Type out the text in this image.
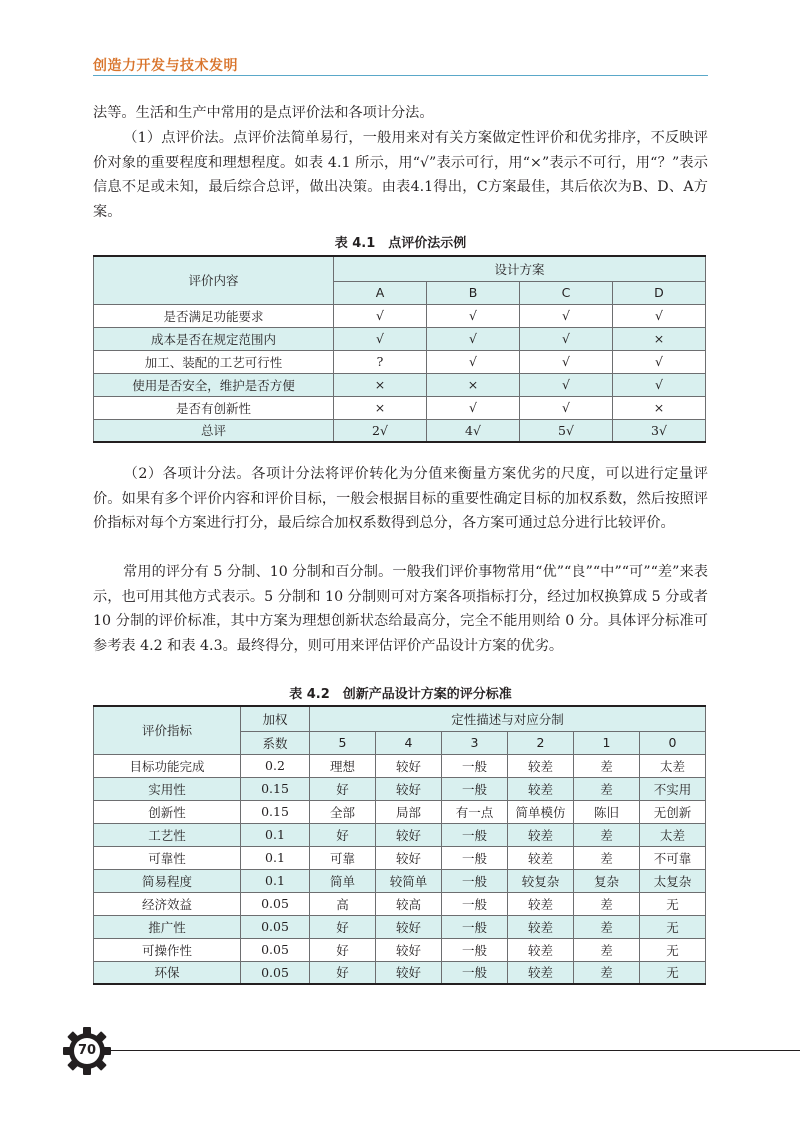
创造力开发与技术发明

法等。生活和生产中常用的是点评价法和各项计分法。

（1）点评价法。点评价法简单易行，一般用来对有关方案做定性评价和优劣排序，不反映评价对象的重要程度和理想程度。如表 4.1 所示，用“√”表示可行，用“×”表示不可行，用“？”表示信息不足或未知，最后综合总评，做出决策。由表4.1得出，C方案最佳，其后依次为B、D、A方案。

表 4.1　点评价法示例
评价内容	设计方案			
	A	B	C	D
是否满足功能要求	√	√	√	√
成本是否在规定范围内	√	√	√	×
加工、装配的工艺可行性	?	√	√	√
使用是否安全，维护是否方便	×	×	√	√
是否有创新性	×	√	√	×
总评	2√	4√	5√	3√

（2）各项计分法。各项计分法将评价转化为分值来衡量方案优劣的尺度，可以进行定量评价。如果有多个评价内容和评价目标，一般会根据目标的重要性确定目标的加权系数，然后按照评价指标对每个方案进行打分，最后综合加权系数得到总分，各方案可通过总分进行比较评价。

常用的评分有 5 分制、10 分制和百分制。一般我们评价事物常用“优”“良”“中”“可”“差”来表示，也可用其他方式表示。5 分制和 10 分制则可对方案各项指标打分，经过加权换算成 5 分或者 10 分制的评价标准，其中方案为理想创新状态给最高分，完全不能用则给 0 分。具体评分标准可参考表 4.2 和表 4.3。最终得分，则可用来评估评价产品设计方案的优劣。

表 4.2　创新产品设计方案的评分标准
评价指标	加权	定性描述与对应分制					
	系数	5	4	3	2	1	0
目标功能完成	0.2	理想	较好	一般	较差	差	太差
实用性	0.15	好	较好	一般	较差	差	不实用
创新性	0.15	全部	局部	有一点	简单模仿	陈旧	无创新
工艺性	0.1	好	较好	一般	较差	差	太差
可靠性	0.1	可靠	较好	一般	较差	差	不可靠
简易程度	0.1	简单	较简单	一般	较复杂	复杂	太复杂
经济效益	0.05	高	较高	一般	较差	差	无
推广性	0.05	好	较好	一般	较差	差	无
可操作性	0.05	好	较好	一般	较差	差	无
环保	0.05	好	较好	一般	较差	差	无
70
